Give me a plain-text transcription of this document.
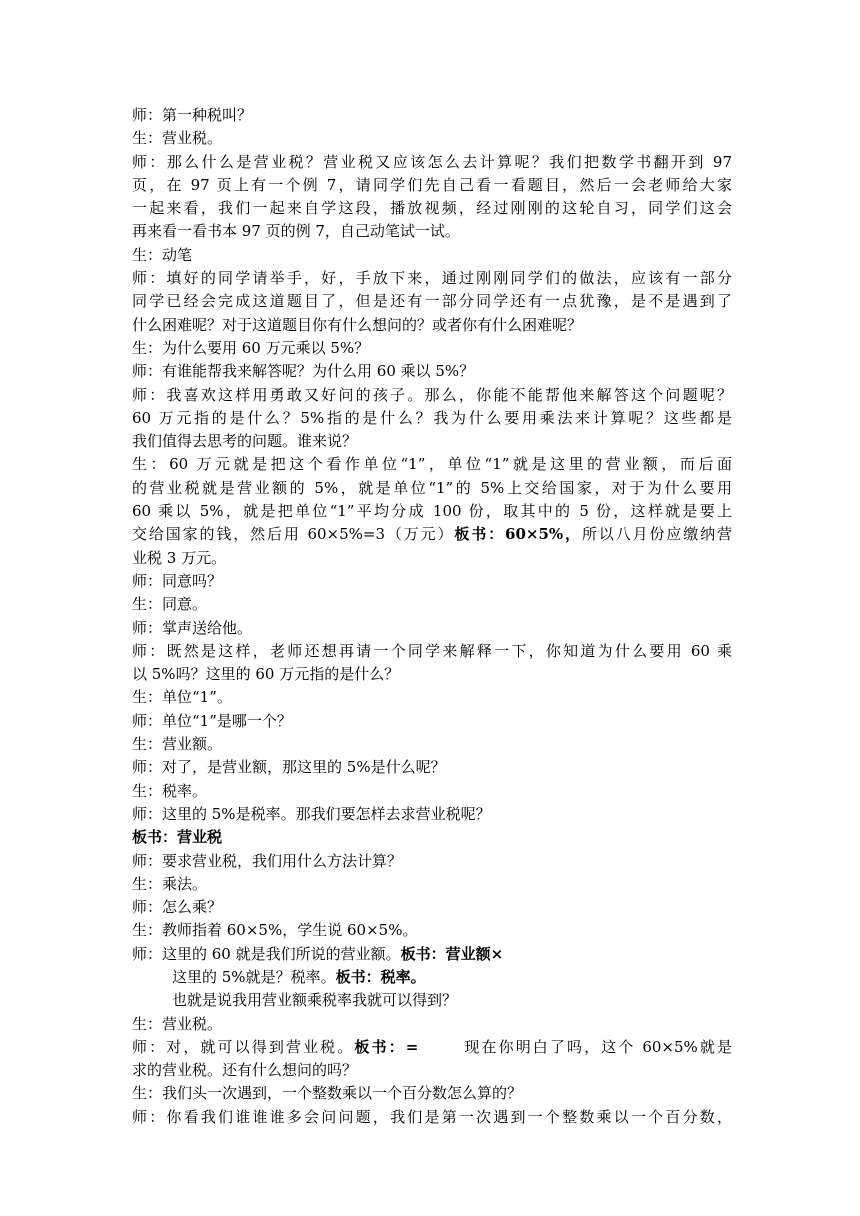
师：第一种税叫？
生：营业税。
师：那么什么是营业税？营业税又应该怎么去计算呢？我们把数学书翻开到 97
页，在 97 页上有一个例 7，请同学们先自己看一看题目，然后一会老师给大家
一起来看，我们一起来自学这段，播放视频，经过刚刚的这轮自习，同学们这会
再来看一看书本 97 页的例 7，自己动笔试一试。
生：动笔
师：填好的同学请举手，好，手放下来，通过刚刚同学们的做法，应该有一部分
同学已经会完成这道题目了，但是还有一部分同学还有一点犹豫，是不是遇到了
什么困难呢？对于这道题目你有什么想问的？或者你有什么困难呢？
生：为什么要用 60 万元乘以 5%？
师：有谁能帮我来解答呢？为什么用 60 乘以 5%？
师：我喜欢这样用勇敢又好问的孩子。那么，你能不能帮他来解答这个问题呢？
60 万元指的是什么？5%指的是什么？我为什么要用乘法来计算呢？这些都是
我们值得去思考的问题。谁来说？
生：60 万元就是把这个看作单位“1”，单位“1”就是这里的营业额，而后面
的营业税就是营业额的 5%，就是单位“1”的 5%上交给国家，对于为什么要用
60 乘以 5%，就是把单位“1”平均分成 100 份，取其中的 5 份，这样就是要上
交给国家的钱，然后用 60×5%=3（万元）板书：60×5%，所以八月份应缴纳营
业税 3 万元。
师：同意吗？
生：同意。
师：掌声送给他。
师：既然是这样，老师还想再请一个同学来解释一下，你知道为什么要用 60 乘
以 5%吗？这里的 60 万元指的是什么？
生：单位“1”。
师：单位“1”是哪一个？
生：营业额。
师：对了，是营业额，那这里的 5%是什么呢？
生：税率。
师：这里的 5%是税率。那我们要怎样去求营业税呢？
板书：营业税
师：要求营业税，我们用什么方法计算？
生：乘法。
师：怎么乘？
生：教师指着 60×5%，学生说 60×5%。
师：这里的 60 就是我们所说的营业额。板书：营业额×
这里的 5%就是？税率。板书：税率。
也就是说我用营业额乘税率我就可以得到？
生：营业税。
师：对，就可以得到营业税。板书：=	现在你明白了吗，这个 60×5%就是
求的营业税。还有什么想问的吗？
生：我们头一次遇到，一个整数乘以一个百分数怎么算的？
师：你看我们谁谁谁多会问问题，我们是第一次遇到一个整数乘以一个百分数，
